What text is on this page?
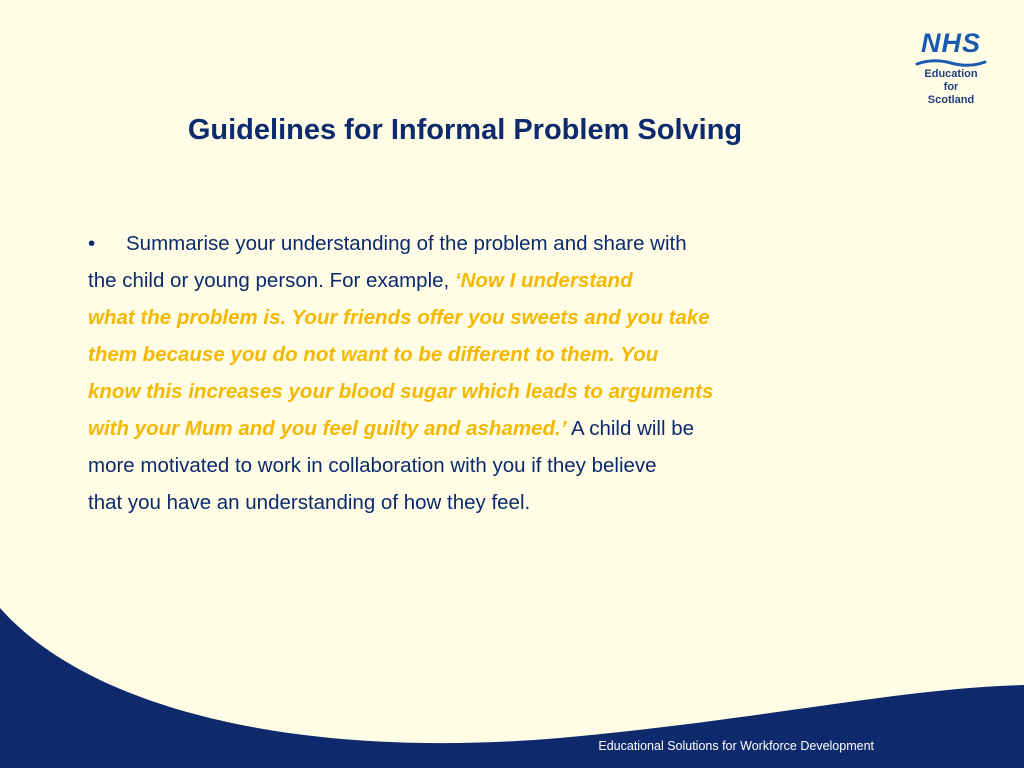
NHS
Education
for
Scotland
Guidelines for Informal Problem Solving
• Summarise your understanding of the problem and share with
the child or young person. For example, ‘Now I understand
what the problem is. Your friends offer you sweets and you take
them because you do not want to be different to them. You
know this increases your blood sugar which leads to arguments
with your Mum and you feel guilty and ashamed.’ A child will be
more motivated to work in collaboration with you if they believe
that you have an understanding of how they feel.
Educational Solutions for Workforce Development
